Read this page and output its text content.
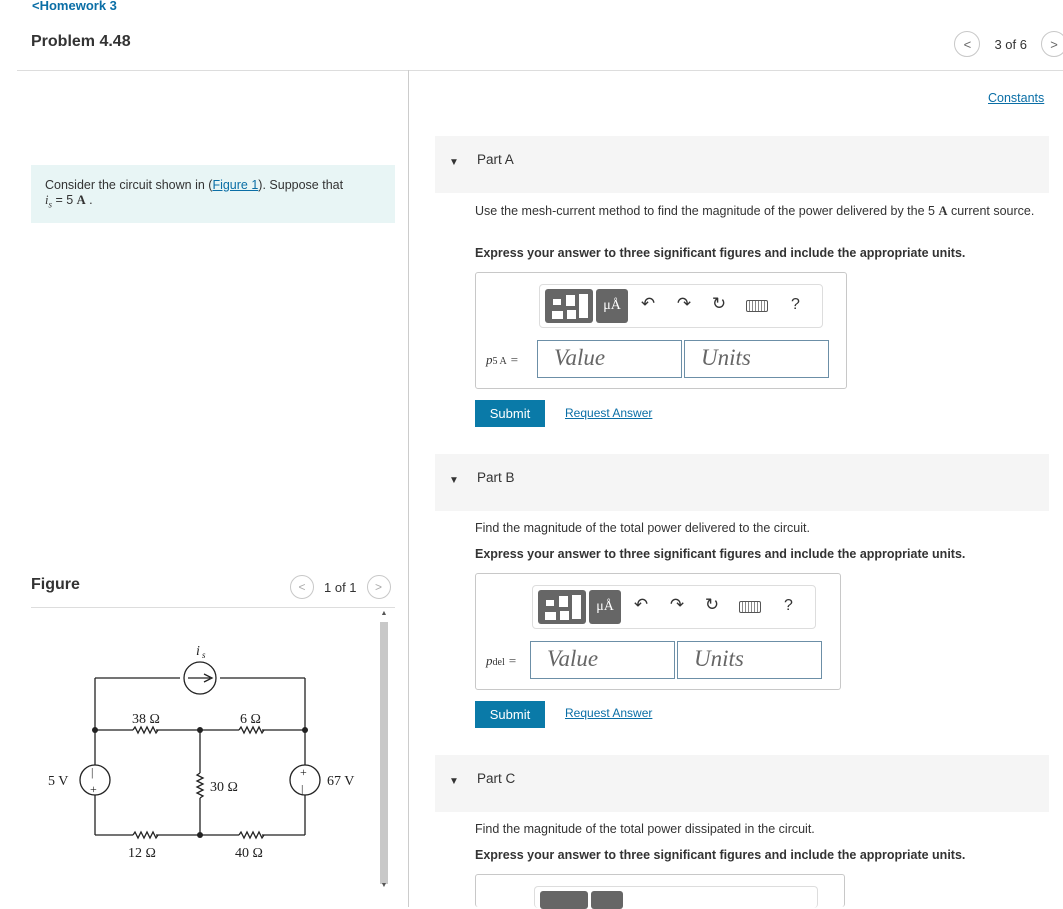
<Homework 3
Problem 4.48	<	3 of 6	>
Consider the circuit shown in (Figure 1). Suppose that
$i_s = 5$ A .
Figure	<	1 of 1	>
▲
▼
38 Ω	6 Ω
30 Ω
12 Ω	40 Ω
5 V	67 V
i s
|
+
+
|
Constants
▼ Part A
Use the mesh-current method to find the magnitude of the power delivered by the 5 A current source.
Express your answer to three significant figures and include the appropriate units.
μÅ	↶ ↷ ↻	?
p5 A =	Value	Units
Submit	Request Answer
▼ Part B
Find the magnitude of the total power delivered to the circuit.
Express your answer to three significant figures and include the appropriate units.
μÅ	↶ ↷ ↻	?
pdel =	Value	Units
Submit	Request Answer
▼ Part C
Find the magnitude of the total power dissipated in the circuit.
Express your answer to three significant figures and include the appropriate units.
